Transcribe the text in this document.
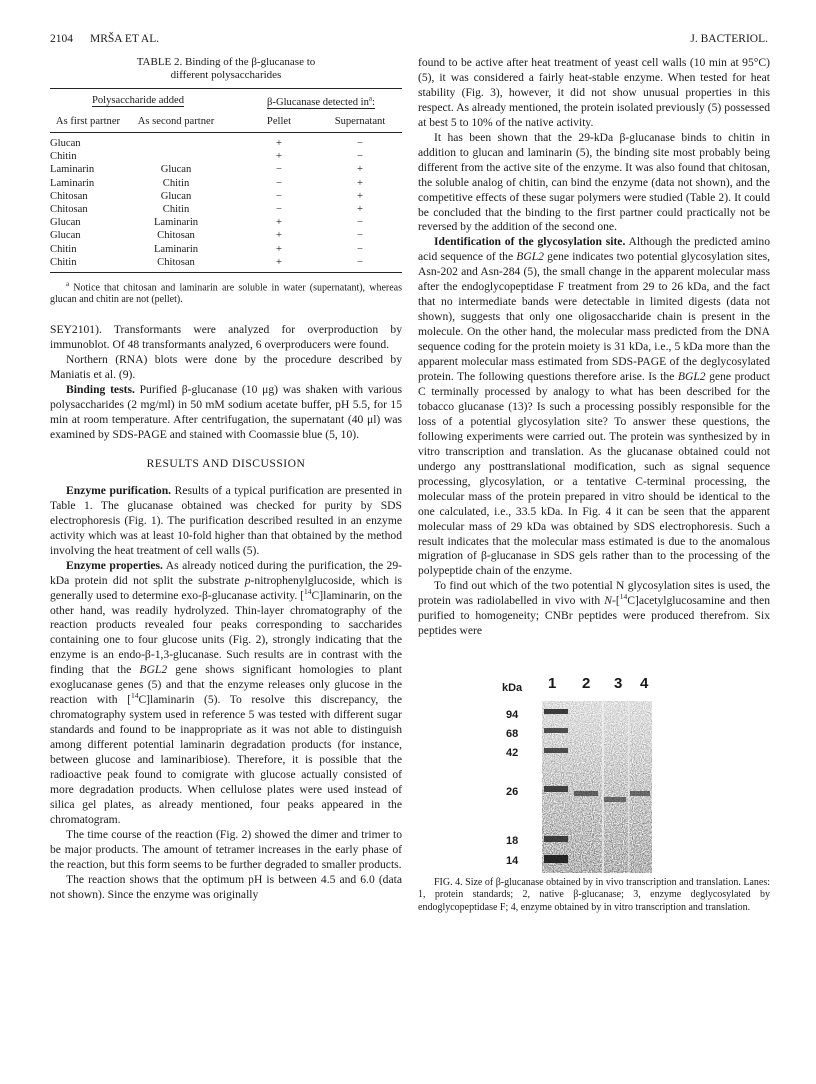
2104 MRŠA ET AL.	J. BACTERIOL.
TABLE 2. Binding of the β-glucanase to
different polysaccharides
Polysaccharide added			β-Glucanase detected $in^a$:	
As first partner	As second partner		Pellet	Supernatant

Glucan			+	−
Chitin			+	−
Laminarin	Glucan		−	+
Laminarin	Chitin		−	+
Chitosan	Glucan		−	+
Chitosan	Chitin		−	+
Glucan	Laminarin		+	−
Glucan	Chitosan		+	−
Chitin	Laminarin		+	−
Chitin	Chitosan		+	−

$^a$ Notice that chitosan and laminarin are soluble in water (supernatant), whereas glucan and chitin are not (pellet).

SEY2101). Transformants were analyzed for overproduction by immunoblot. Of 48 transformants analyzed, 6 overproducers were found.

Northern (RNA) blots were done by the procedure described by Maniatis et al. (9).

Binding tests. Purified β-glucanase (10 μg) was shaken with various polysaccharides (2 mg/ml) in 50 mM sodium acetate buffer, pH 5.5, for 15 min at room temperature. After centrifugation, the supernatant (40 μl) was examined by SDS-PAGE and stained with Coomassie blue (5, 10).

RESULTS AND DISCUSSION

Enzyme purification. Results of a typical purification are presented in Table 1. The glucanase obtained was checked for purity by SDS electrophoresis (Fig. 1). The purification described resulted in an enzyme activity which was at least 10-fold higher than that obtained by the method involving the heat treatment of cell walls (5).

Enzyme properties. As already noticed during the purification, the 29-kDa protein did not split the substrate p-nitrophenylglucoside, which is generally used to determine exo-β-glucanase activity. [$^{14}$C]laminarin, on the other hand, was readily hydrolyzed. Thin-layer chromatography of the reaction products revealed four peaks corresponding to saccharides containing one to four glucose units (Fig. 2), strongly indicating that the enzyme is an endo-β-1,3-glucanase. Such results are in contrast with the finding that the BGL2 gene shows significant homologies to plant exoglucanase genes (5) and that the enzyme releases only glucose in the reaction with [$^{14}$C]laminarin (5). To resolve this discrepancy, the chromatography system used in reference 5 was tested with different sugar standards and found to be inappropriate as it was not able to distinguish among different potential laminarin degradation products (for instance, between glucose and laminaribiose). Therefore, it is possible that the radioactive peak found to comigrate with glucose actually consisted of more degradation products. When cellulose plates were used instead of silica gel plates, as already mentioned, four peaks appeared in the chromatogram.

The time course of the reaction (Fig. 2) showed the dimer and trimer to be major products. The amount of tetramer increases in the early phase of the reaction, but this form seems to be further degraded to smaller products.

The reaction shows that the optimum pH is between 4.5 and 6.0 (data not shown). Since the enzyme was originally

found to be active after heat treatment of yeast cell walls (10 min at 95°C) (5), it was considered a fairly heat-stable enzyme. When tested for heat stability (Fig. 3), however, it did not show unusual properties in this respect. As already mentioned, the protein isolated previously (5) possessed at best 5 to 10% of the native activity.

It has been shown that the 29-kDa β-glucanase binds to chitin in addition to glucan and laminarin (5), the binding site most probably being different from the active site of the enzyme. It was also found that chitosan, the soluble analog of chitin, can bind the enzyme (data not shown), and the competitive effects of these sugar polymers were studied (Table 2). It could be concluded that the binding to the first partner could practically not be reversed by the addition of the second one.

Identification of the glycosylation site. Although the predicted amino acid sequence of the BGL2 gene indicates two potential glycosylation sites, Asn-202 and Asn-284 (5), the small change in the apparent molecular mass after the endoglycopeptidase F treatment from 29 to 26 kDa, and the fact that no intermediate bands were detectable in limited digests (data not shown), suggests that only one oligosaccharide chain is present in the molecule. On the other hand, the molecular mass predicted from the DNA sequence coding for the protein moiety is 31 kDa, i.e., 5 kDa more than the apparent molecular mass estimated from SDS-PAGE of the deglycosylated protein. The following questions therefore arise. Is the BGL2 gene product C terminally processed by analogy to what has been described for the tobacco glucanase (13)? Is such a processing possibly responsible for the loss of a potential glycosylation site? To answer these questions, the following experiments were carried out. The protein was synthesized by in vitro transcription and translation. As the glucanase obtained could not undergo any posttranslational modification, such as signal sequence processing, glycosylation, or a tentative C-terminal processing, the molecular mass of the protein prepared in vitro should be identical to the one calculated, i.e., 33.5 kDa. In Fig. 4 it can be seen that the apparent molecular mass of 29 kDa was obtained by SDS electrophoresis. Such a result indicates that the molecular mass estimated is due to the anomalous migration of β-glucanase in SDS gels rather than to the processing of the polypeptide chain of the enzyme.

To find out which of the two potential N glycosylation sites is used, the protein was radiolabelled in vivo with N-[$^{14}$C]acetylglucosamine and then purified to homogeneity; CNBr peptides were produced therefrom. Six peptides were

kDa
94
68
42
26
18
14
1 2 3 4
FIG. 4. Size of β-glucanase obtained by in vivo transcription and translation. Lanes: 1, protein standards; 2, native β-glucanase; 3, enzyme deglycosylated by endoglycopeptidase F; 4, enzyme obtained by in vitro transcription and translation.
